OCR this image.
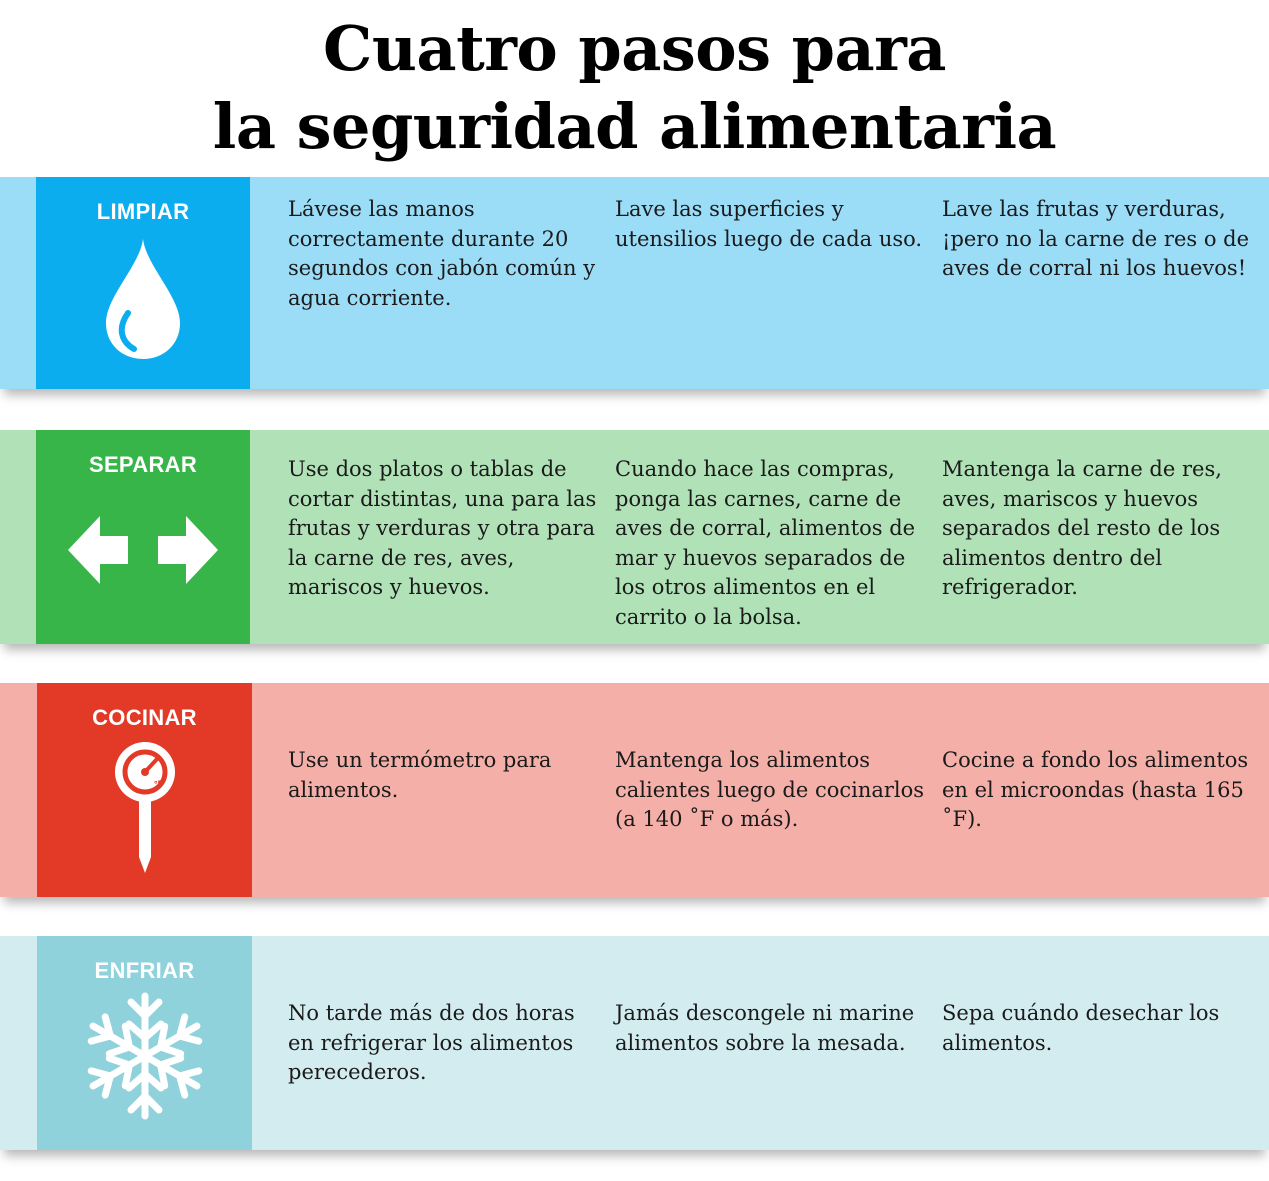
Cuatro pasos para
la seguridad alimentaria
LIMPIAR	Lávese las manos correctamente durante 20 segundos con jabón común y agua corriente.

Lave las superficies y utensilios luego de cada uso.

Lave las frutas y verduras, ¡pero no la carne de res o de aves de corral ni los huevos!

SEPARAR	Use dos platos o tablas de cortar distintas, una para las frutas y verduras y otra para la carne de res, aves, mariscos y huevos.

Cuando hace las compras, ponga las carnes, carne de aves de corral, alimentos de mar y huevos separados de los otros alimentos en el carrito o la bolsa.

Mantenga la carne de res, aves, mariscos y huevos separados del resto de los alimentos dentro del refrigerador.

COCINAR
°F

Use un termómetro para alimentos.

Mantenga los alimentos calientes luego de cocinarlos (a 140 ˚F o más).

Cocine a fondo los alimentos en el microondas (hasta 165 ˚F).

ENFRIAR

No tarde más de dos horas en refrigerar los alimentos perecederos.

Jamás descongele ni marine alimentos sobre la mesada.

Sepa cuándo desechar los alimentos.
